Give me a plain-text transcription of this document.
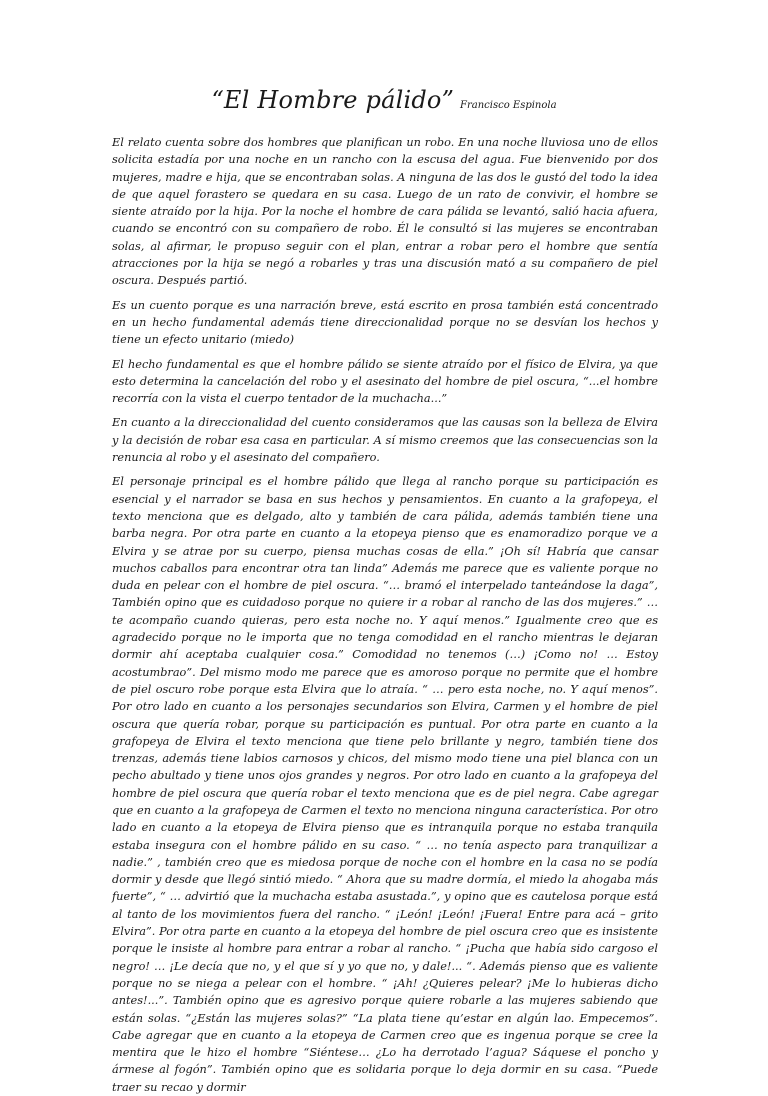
“El Hombre pálido” Francisco Espinola

El relato cuenta sobre dos hombres que planifican un robo. En una noche lluviosa uno de ellos solicita estadía por una noche en un rancho con la escusa del agua. Fue bienvenido por dos mujeres, madre e hija, que se encontraban solas. A ninguna de las dos le gustó del todo la idea de que aquel forastero se quedara en su casa. Luego de un rato de convivir, el hombre se siente atraído por la hija. Por la noche el hombre de cara pálida se levantó, salió hacia afuera, cuando se encontró con su compañero de robo. Él le consultó si las mujeres se encontraban solas, al afirmar, le propuso seguir con el plan, entrar a robar pero el hombre que sentía atracciones por la hija se negó a robarles y tras una discusión mató a su compañero de piel oscura. Después partió.

Es un cuento porque es una narración breve, está escrito en prosa también está concentrado en un hecho fundamental además tiene direccionalidad porque no se desvían los hechos y tiene un efecto unitario (miedo)

El hecho fundamental es que el hombre pálido se siente atraído por el físico de Elvira, ya que esto determina la cancelación del robo y el asesinato del hombre de piel oscura, “...el hombre recorría con la vista el cuerpo tentador de la muchacha...”

En cuanto a la direccionalidad del cuento consideramos que las causas son la belleza de Elvira y la decisión de robar esa casa en particular. A sí mismo creemos que las consecuencias son la renuncia al robo y el asesinato del compañero.

El personaje principal es el hombre pálido que llega al rancho porque su participación es esencial y el narrador se basa en sus hechos y pensamientos. En cuanto a la grafopeya, el texto menciona que es delgado, alto y también de cara pálida, además también tiene una barba negra. Por otra parte en cuanto a la etopeya pienso que es enamoradizo porque ve a Elvira y se atrae por su cuerpo, piensa muchas cosas de ella.” ¡Oh sí! Habría que cansar muchos caballos para encontrar otra tan linda” Además me parece que es valiente porque no duda en pelear con el hombre de piel oscura. “… bramó el interpelado tanteándose la daga”, También opino que es cuidadoso porque no quiere ir a robar al rancho de las dos mujeres.” … te acompaño cuando quieras, pero esta noche no. Y aquí menos.” Igualmente creo que es agradecido porque no le importa que no tenga comodidad en el rancho mientras le dejaran dormir ahí aceptaba cualquier cosa.” Comodidad no tenemos (…) ¡Como no! … Estoy acostumbrao”. Del mismo modo me parece que es amoroso porque no permite que el hombre de piel oscuro robe porque esta Elvira que lo atraía. “ … pero esta noche, no. Y aquí menos”. Por otro lado en cuanto a los personajes secundarios son Elvira, Carmen y el hombre de piel oscura que quería robar, porque su participación es puntual. Por otra parte en cuanto a la grafopeya de Elvira el texto menciona que tiene pelo brillante y negro, también tiene dos trenzas, además tiene labios carnosos y chicos, del mismo modo tiene una piel blanca con un pecho abultado y tiene unos ojos grandes y negros. Por otro lado en cuanto a la grafopeya del hombre de piel oscura que quería robar el texto menciona que es de piel negra. Cabe agregar que en cuanto a la grafopeya de Carmen el texto no menciona ninguna característica. Por otro lado en cuanto a la etopeya de Elvira pienso que es intranquila porque no estaba tranquila estaba insegura con el hombre pálido en su caso. “ … no tenía aspecto para tranquilizar a nadie.” , también creo que es miedosa porque de noche con el hombre en la casa no se podía dormir y desde que llegó sintió miedo. “ Ahora que su madre dormía, el miedo la ahogaba más fuerte”, “ … advirtió que la muchacha estaba asustada.”, y opino que es cautelosa porque está al tanto de los movimientos fuera del rancho. “ ¡León! ¡León! ¡Fuera! Entre para acá – grito Elvira”. Por otra parte en cuanto a la etopeya del hombre de piel oscura creo que es insistente porque le insiste al hombre para entrar a robar al rancho. “ ¡Pucha que había sido cargoso el negro! … ¡Le decía que no, y el que sí y yo que no, y dale!... “. Además pienso que es valiente porque no se niega a pelear con el hombre. “ ¡Ah! ¿Quieres pelear? ¡Me lo hubieras dicho antes!...”. También opino que es agresivo porque quiere robarle a las mujeres sabiendo que están solas. “¿Están las mujeres solas?” “La plata tiene qu’estar en algún lao. Empecemos”. Cabe agregar que en cuanto a la etopeya de Carmen creo que es ingenua porque se cree la mentira que le hizo el hombre “Siéntese… ¿Lo ha derrotado l’agua? Sáquese el poncho y ármese al fogón”. También opino que es solidaria porque lo deja dormir en su casa. “Puede traer su recao y dormir
